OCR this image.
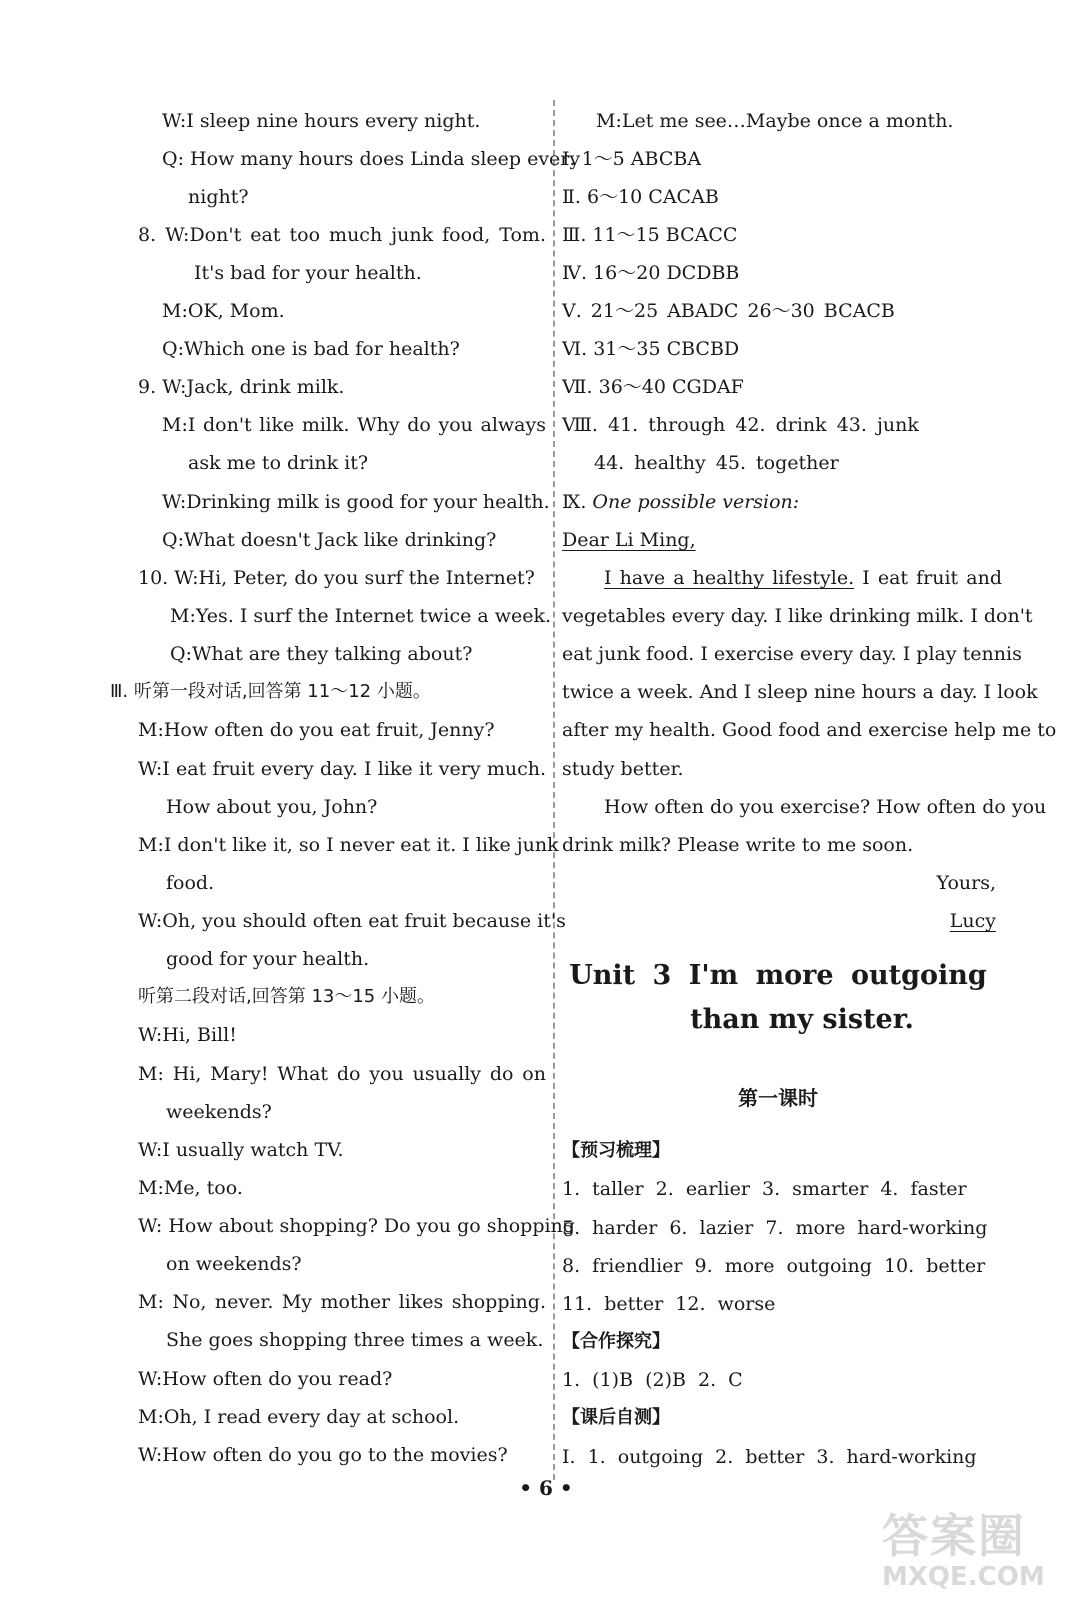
W:I sleep nine hours every night.
Q: How many hours does Linda sleep every
night?
8. W:Don't eat too much junk food, Tom.
It's bad for your health.
M:OK, Mom.
Q:Which one is bad for health?
9. W:Jack, drink milk.
M:I don't like milk. Why do you always
ask me to drink it?
W:Drinking milk is good for your health.
Q:What doesn't Jack like drinking?
10. W:Hi, Peter, do you surf the Internet?
M:Yes. I surf the Internet twice a week.
Q:What are they talking about?
Ⅲ. 听第一段对话,回答第 11～12 小题。
M:How often do you eat fruit, Jenny?
W:I eat fruit every day. I like it very much.
How about you, John?
M:I don't like it, so I never eat it. I like junk
food.
W:Oh, you should often eat fruit because it's
good for your health.
听第二段对话,回答第 13～15 小题。
W:Hi, Bill!
M: Hi, Mary! What do you usually do on
weekends?
W:I usually watch TV.
M:Me, too.
W: How about shopping? Do you go shopping
on weekends?
M: No, never. My mother likes shopping.
She goes shopping three times a week.
W:How often do you read?
M:Oh, I read every day at school.
W:How often do you go to the movies?
M:Let me see…Maybe once a month.
Ⅰ. 1～5 ABCBA
Ⅱ. 6～10 CACAB
Ⅲ. 11～15 BCACC
Ⅳ. 16～20 DCDBB
Ⅴ. 21～25 ABADC 26～30 BCACB
Ⅵ. 31～35 CBCBD
Ⅶ. 36～40 CGDAF
Ⅷ. 41. through 42. drink 43. junk
44. healthy 45. together
Ⅸ. One possible version:
Dear Li Ming,
I have a healthy lifestyle. I eat fruit and
vegetables every day. I like drinking milk. I don't
eat junk food. I exercise every day. I play tennis
twice a week. And I sleep nine hours a day. I look
after my health. Good food and exercise help me to
study better.
How often do you exercise? How often do you
drink milk? Please write to me soon.
Yours,
Lucy
Unit 3 I'm more outgoing
than my sister.
第一课时
【预习梳理】
1. taller 2. earlier 3. smarter 4. faster
5. harder 6. lazier 7. more hard-working
8. friendlier 9. more outgoing 10. better
11. better 12. worse
【合作探究】
1. (1)B (2)B 2. C
【课后自测】
Ⅰ. 1. outgoing 2. better 3. hard-working
• 6 •
答案圈
MXQE.COM
